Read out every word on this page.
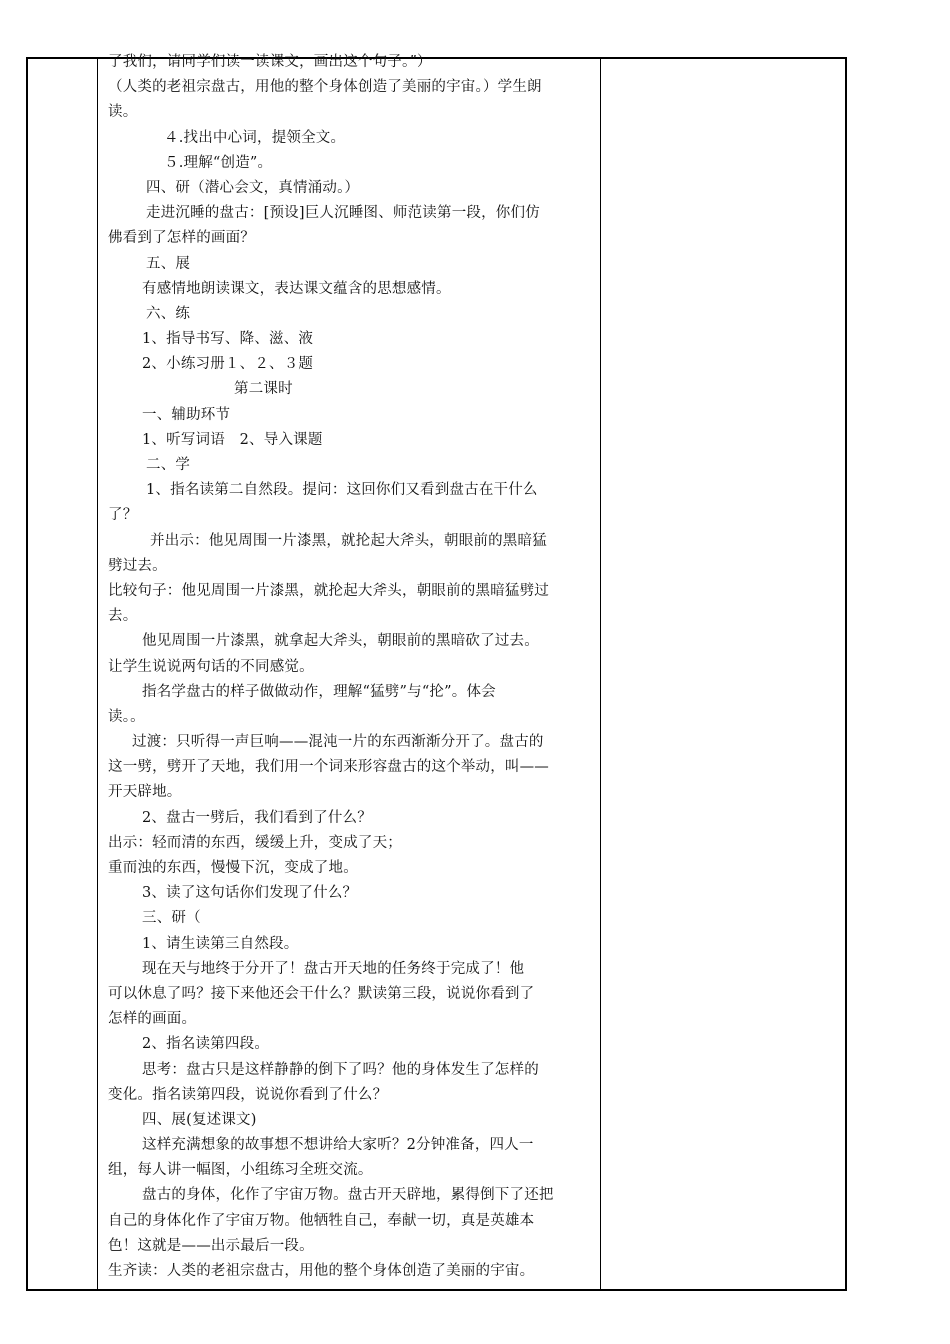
了我们，请同学们读一读课文，画出这个句子。”）
（人类的老祖宗盘古，用他的整个身体创造了美丽的宇宙。）学生朗
读。
４.找出中心词，提领全文。
５.理解“创造”。
四、研（潜心会文，真情涌动。）
走进沉睡的盘古：[预设]巨人沉睡图、师范读第一段，你们仿
佛看到了怎样的画面？
五、展
有感情地朗读课文，表达课文蕴含的思想感情。
六、练
1、指导书写、降、滋、液
2、小练习册１、２、３题
第二课时
一、辅助环节
1、听写词语　2、导入课题
二、学
1、指名读第二自然段。提问：这回你们又看到盘古在干什么
了？
并出示：他见周围一片漆黑，就抡起大斧头，朝眼前的黑暗猛
劈过去。
比较句子：他见周围一片漆黑，就抡起大斧头，朝眼前的黑暗猛劈过
去。
他见周围一片漆黑，就拿起大斧头，朝眼前的黑暗砍了过去。
让学生说说两句话的不同感觉。
指名学盘古的样子做做动作，理解“猛劈”与“抡”。体会
读。。
过渡：只听得一声巨响——混沌一片的东西渐渐分开了。盘古的
这一劈，劈开了天地，我们用一个词来形容盘古的这个举动，叫——
开天辟地。
2、盘古一劈后，我们看到了什么？
出示：轻而清的东西，缓缓上升，变成了天；
重而浊的东西，慢慢下沉，变成了地。
3、读了这句话你们发现了什么？
三、研（
1、请生读第三自然段。
现在天与地终于分开了！盘古开天地的任务终于完成了！他
可以休息了吗？接下来他还会干什么？默读第三段，说说你看到了
怎样的画面。
2、指名读第四段。
思考：盘古只是这样静静的倒下了吗？他的身体发生了怎样的
变化。指名读第四段，说说你看到了什么？
四、展(复述课文)
这样充满想象的故事想不想讲给大家听？2分钟准备，四人一
组，每人讲一幅图，小组练习全班交流。
盘古的身体，化作了宇宙万物。盘古开天辟地，累得倒下了还把
自己的身体化作了宇宙万物。他牺牲自己，奉献一切，真是英雄本
色！这就是——出示最后一段。
生齐读：人类的老祖宗盘古，用他的整个身体创造了美丽的宇宙。
